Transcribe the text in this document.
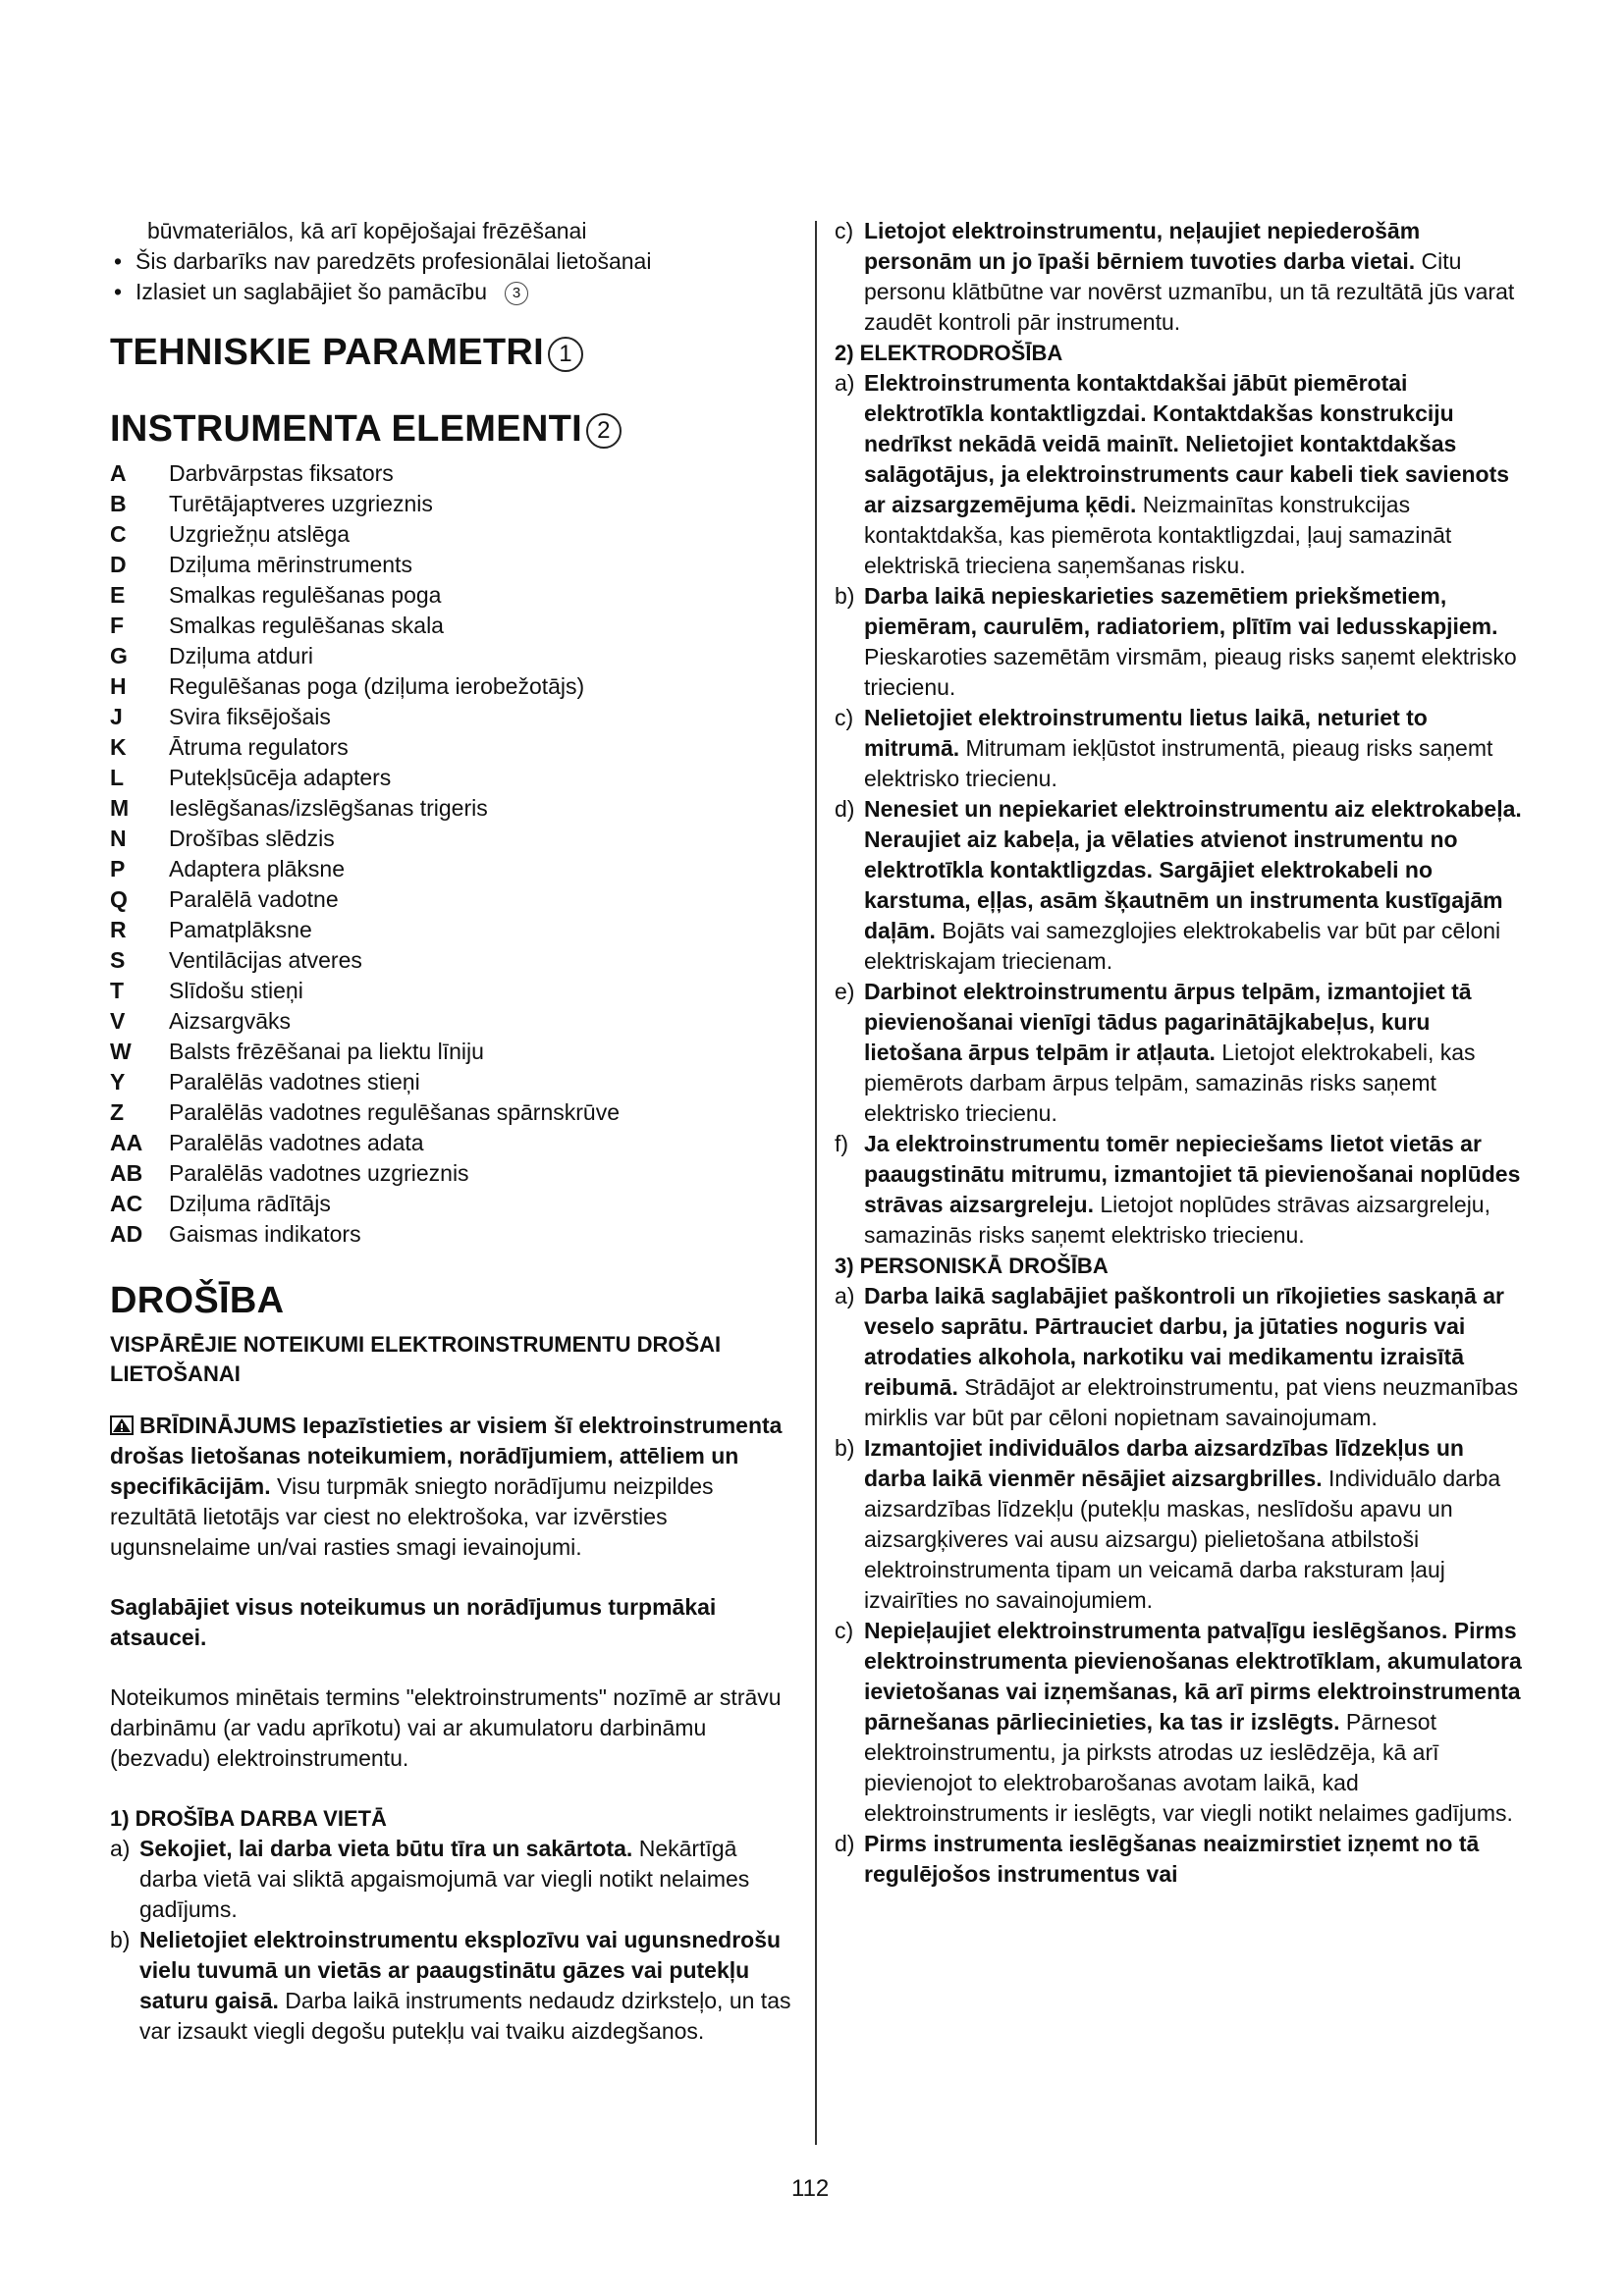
būvmateriālos, kā arī kopējošajai frēzēšanai

• Šis darbarīks nav paredzēts profesionālai lietošanai
• Izlasiet un saglabājiet šo pamācību 3
TEHNISKIE PARAMETRI 1
INSTRUMENTA ELEMENTI 2
A	Darbvārpstas fiksators
B	Turētājaptveres uzgrieznis
C	Uzgriežņu atslēga
D	Dziļuma mērinstruments
E	Smalkas regulēšanas poga
F	Smalkas regulēšanas skala
G	Dziļuma atduri
H	Regulēšanas poga (dziļuma ierobežotājs)
J	Svira fiksējošais
K	Ātruma regulators
L	Putekļsūcēja adapters
M	Ieslēgšanas/izslēgšanas trigeris
N	Drošības slēdzis
P	Adaptera plāksne
Q	Paralēlā vadotne
R	Pamatplāksne
S	Ventilācijas atveres
T	Slīdošu stieņi
V	Aizsargvāks
W	Balsts frēzēšanai pa liektu līniju
Y	Paralēlās vadotnes stieņi
Z	Paralēlās vadotnes regulēšanas spārnskrūve
AA	Paralēlās vadotnes adata
AB	Paralēlās vadotnes uzgrieznis
AC	Dziļuma rādītājs
AD	Gaismas indikators
DROŠĪBA

VISPĀRĒJIE NOTEIKUMI ELEKTROINSTRUMENTU DROŠAI LIETOŠANAI

BRĪDINĀJUMS Iepazīstieties ar visiem šī elektroinstrumenta drošas lietošanas noteikumiem, norādījumiem, attēliem un specifikācijām. Visu turpmāk sniegto norādījumu neizpildes rezultātā lietotājs var ciest no elektrošoka, var izvērsties ugunsnelaime un/vai rasties smagi ievainojumi.

Saglabājiet visus noteikumus un norādījumus turpmākai atsaucei.

Noteikumos minētais termins "elektroinstruments" nozīmē ar strāvu darbināmu (ar vadu aprīkotu) vai ar akumulatoru darbināmu (bezvadu) elektroinstrumentu.

1) DROŠĪBA DARBA VIETĀ

a) Sekojiet, lai darba vieta būtu tīra un sakārtota. Nekārtīgā darba vietā vai sliktā apgaismojumā var viegli notikt nelaimes gadījums.
b) Nelietojiet elektroinstrumentu eksplozīvu vai ugunsnedrošu vielu tuvumā un vietās ar paaugstinātu gāzes vai putekļu saturu gaisā. Darba laikā instruments nedaudz dzirksteļo, un tas var izsaukt viegli degošu putekļu vai tvaiku aizdegšanos.
c) Lietojot elektroinstrumentu, neļaujiet nepiederošām personām un jo īpaši bērniem tuvoties darba vietai. Citu personu klātbūtne var novērst uzmanību, un tā rezultātā jūs varat zaudēt kontroli pār instrumentu.

2) ELEKTRODROŠĪBA

a) Elektroinstrumenta kontaktdakšai jābūt piemērotai elektrotīkla kontaktligzdai. Kontaktdakšas konstrukciju nedrīkst nekādā veidā mainīt. Nelietojiet kontaktdakšas salāgotājus, ja elektroinstruments caur kabeli tiek savienots ar aizsargzemējuma ķēdi. Neizmainītas konstrukcijas kontaktdakša, kas piemērota kontaktligzdai, ļauj samazināt elektriskā trieciena saņemšanas risku.
b) Darba laikā nepieskarieties sazemētiem priekšmetiem, piemēram, caurulēm, radiatoriem, plītīm vai ledusskapjiem. Pieskaroties sazemētām virsmām, pieaug risks saņemt elektrisko triecienu.
c) Nelietojiet elektroinstrumentu lietus laikā, neturiet to mitrumā. Mitrumam iekļūstot instrumentā, pieaug risks saņemt elektrisko triecienu.
d) Nenesiet un nepiekariet elektroinstrumentu aiz elektrokabeļa. Neraujiet aiz kabeļa, ja vēlaties atvienot instrumentu no elektrotīkla kontaktligzdas. Sargājiet elektrokabeli no karstuma, eļļas, asām šķautnēm un instrumenta kustīgajām daļām. Bojāts vai samezglojies elektrokabelis var būt par cēloni elektriskajam triecienam.
e) Darbinot elektroinstrumentu ārpus telpām, izmantojiet tā pievienošanai vienīgi tādus pagarinātājkabeļus, kuru lietošana ārpus telpām ir atļauta. Lietojot elektrokabeli, kas piemērots darbam ārpus telpām, samazinās risks saņemt elektrisko triecienu.
f) Ja elektroinstrumentu tomēr nepieciešams lietot vietās ar paaugstinātu mitrumu, izmantojiet tā pievienošanai noplūdes strāvas aizsargreleju. Lietojot noplūdes strāvas aizsargreleju, samazinās risks saņemt elektrisko triecienu.

3) PERSONISKĀ DROŠĪBA

a) Darba laikā saglabājiet paškontroli un rīkojieties saskaņā ar veselo saprātu. Pārtrauciet darbu, ja jūtaties noguris vai atrodaties alkohola, narkotiku vai medikamentu izraisītā reibumā. Strādājot ar elektroinstrumentu, pat viens neuzmanības mirklis var būt par cēloni nopietnam savainojumam.
b) Izmantojiet individuālos darba aizsardzības līdzekļus un darba laikā vienmēr nēsājiet aizsargbrilles. Individuālo darba aizsardzības līdzekļu (putekļu maskas, neslīdošu apavu un aizsargķiveres vai ausu aizsargu) pielietošana atbilstoši elektroinstrumenta tipam un veicamā darba raksturam ļauj izvairīties no savainojumiem.
c) Nepieļaujiet elektroinstrumenta patvaļīgu ieslēgšanos. Pirms elektroinstrumenta pievienošanas elektrotīklam, akumulatora ievietošanas vai izņemšanas, kā arī pirms elektroinstrumenta pārnešanas pārliecinieties, ka tas ir izslēgts. Pārnesot elektroinstrumentu, ja pirksts atrodas uz ieslēdzēja, kā arī pievienojot to elektrobarošanas avotam laikā, kad elektroinstruments ir ieslēgts, var viegli notikt nelaimes gadījums.
d) Pirms instrumenta ieslēgšanas neaizmirstiet izņemt no tā regulējošos instrumentus vai
112
